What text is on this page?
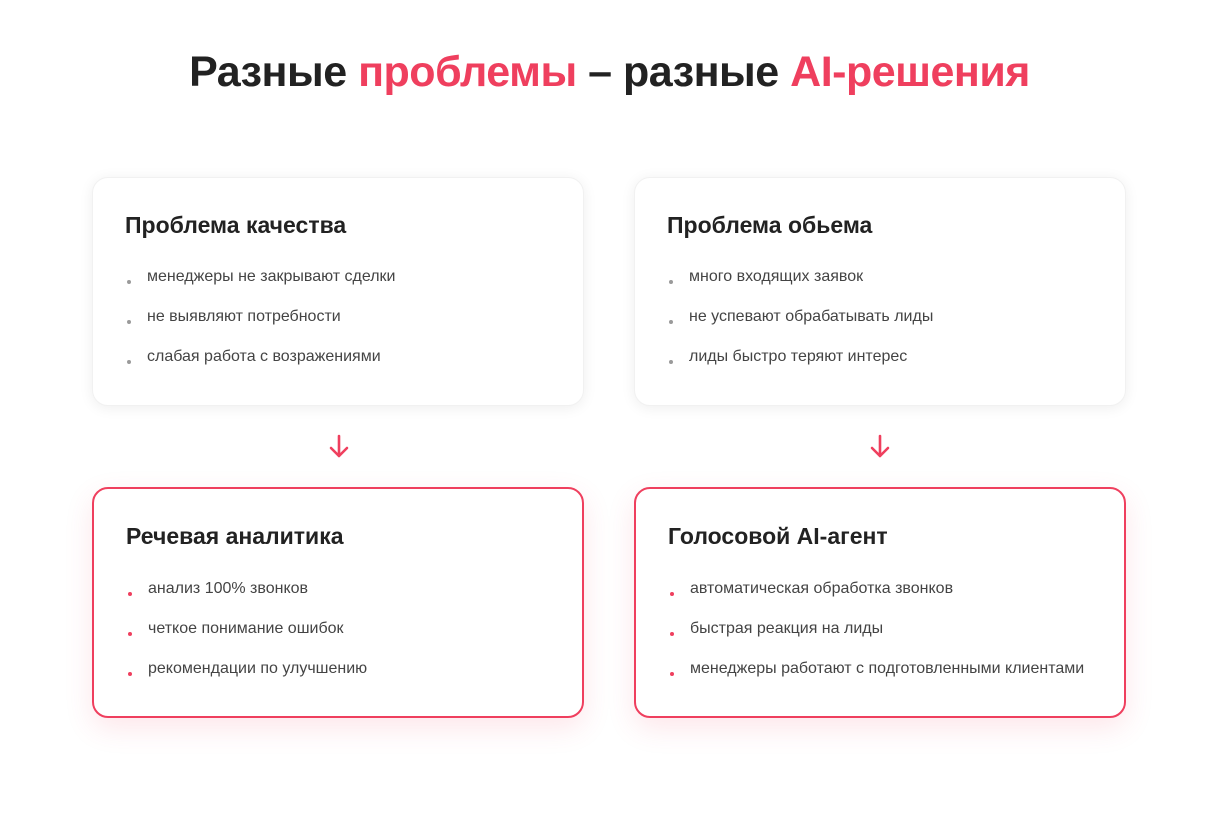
Разные проблемы – разные AI-решения
Проблема качества
менеджеры не закрывают сделки
не выявляют потребности
слабая работа с возражениями
Проблема обьема
много входящих заявок
не успевают обрабатывать лиды
лиды быстро теряют интерес
Речевая аналитика
анализ 100% звонков
четкое понимание ошибок
рекомендации по улучшению
Голосовой AI-агент
автоматическая обработка звонков
быстрая реакция на лиды
менеджеры работают с подготовленными клиентами
